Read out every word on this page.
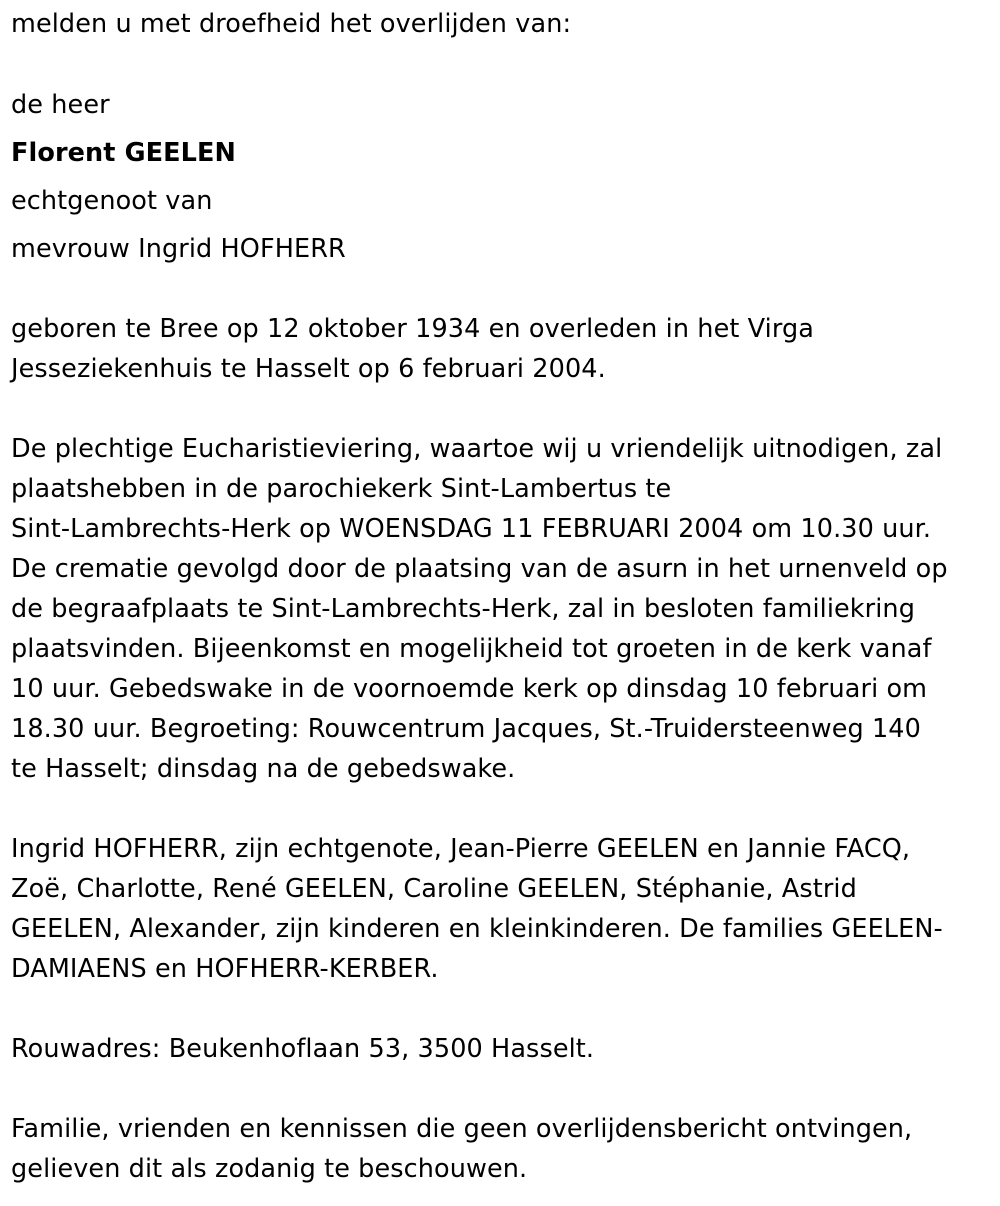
melden u met droefheid het overlijden van:
de heer
Florent GEELEN
echtgenoot van
mevrouw Ingrid HOFHERR
geboren te Bree op 12 oktober 1934 en overleden in het Virga
Jesseziekenhuis te Hasselt op 6 februari 2004.
De plechtige Eucharistieviering, waartoe wij u vriendelijk uitnodigen, zal
plaatshebben in de parochiekerk Sint-Lambertus te
Sint-Lambrechts-Herk op WOENSDAG 11 FEBRUARI 2004 om 10.30 uur.
De crematie gevolgd door de plaatsing van de asurn in het urnenveld op
de begraafplaats te Sint-Lambrechts-Herk, zal in besloten familiekring
plaatsvinden. Bijeenkomst en mogelijkheid tot groeten in de kerk vanaf
10 uur. Gebedswake in de voornoemde kerk op dinsdag 10 februari om
18.30 uur. Begroeting: Rouwcentrum Jacques, St.-Truidersteenweg 140
te Hasselt; dinsdag na de gebedswake.
Ingrid HOFHERR, zijn echtgenote, Jean-Pierre GEELEN en Jannie FACQ,
Zoë, Charlotte, René GEELEN, Caroline GEELEN, Stéphanie, Astrid
GEELEN, Alexander, zijn kinderen en kleinkinderen. De families GEELEN-
DAMIAENS en HOFHERR-KERBER.
Rouwadres: Beukenhoflaan 53, 3500 Hasselt.
Familie, vrienden en kennissen die geen overlijdensbericht ontvingen,
gelieven dit als zodanig te beschouwen.
